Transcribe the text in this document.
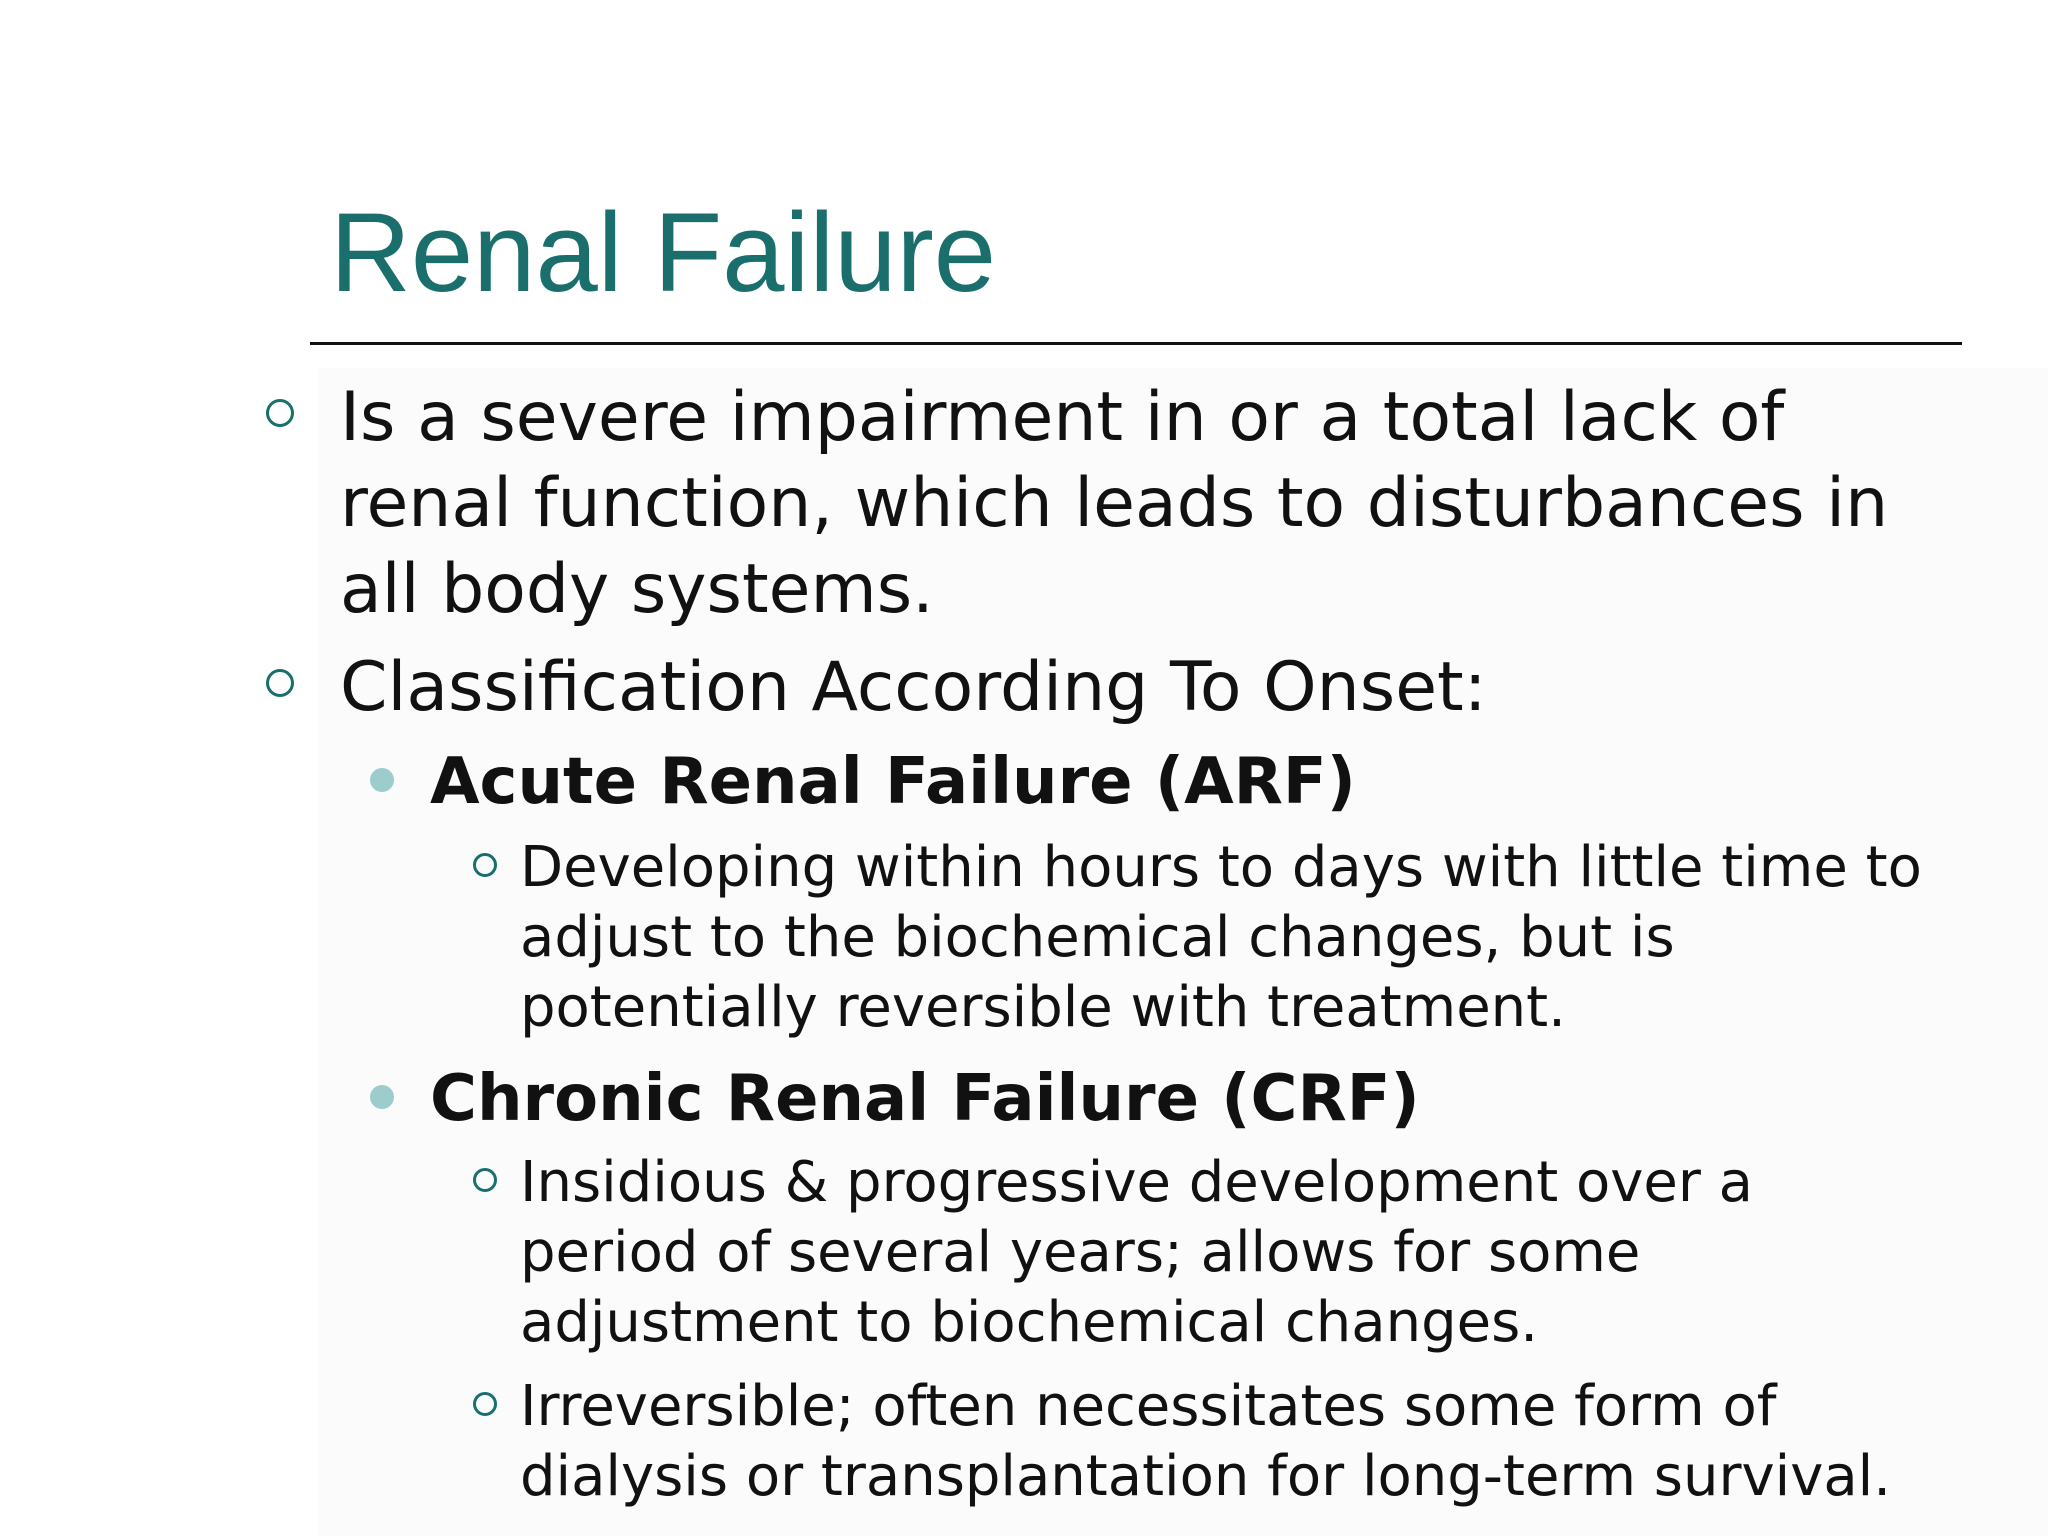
Renal Failure
Is a severe impairment in or a total lack of
renal function, which leads to disturbances in
all body systems.
Classification According To Onset:
Acute Renal Failure (ARF)
Developing within hours to days with little time to
adjust to the biochemical changes, but is
potentially reversible with treatment.
Chronic Renal Failure (CRF)
Insidious & progressive development over a
period of several years; allows for some
adjustment to biochemical changes.
Irreversible; often necessitates some form of
dialysis or transplantation for long-term survival.
